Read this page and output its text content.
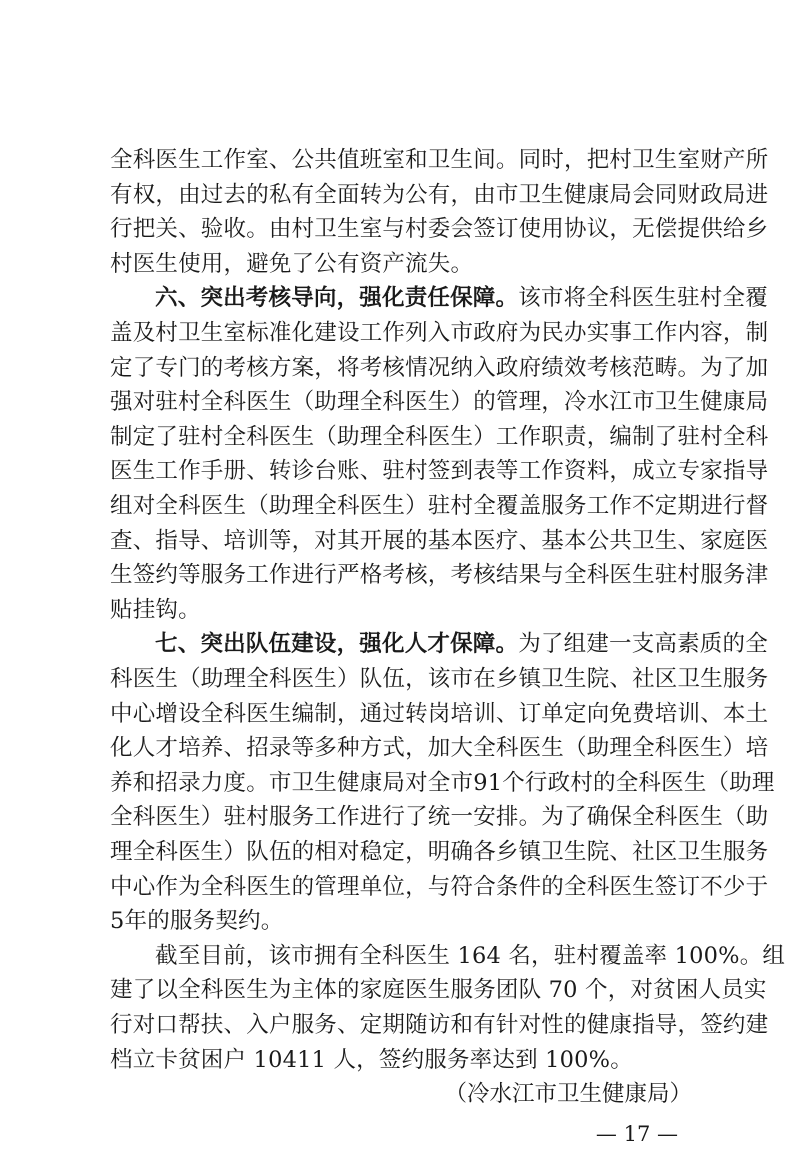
全科医生工作室、公共值班室和卫生间。同时，把村卫生室财产所
有权，由过去的私有全面转为公有，由市卫生健康局会同财政局进
行把关、验收。由村卫生室与村委会签订使用协议，无偿提供给乡
村医生使用，避免了公有资产流失。
六、突出考核导向，强化责任保障。该市将全科医生驻村全覆
盖及村卫生室标准化建设工作列入市政府为民办实事工作内容，制
定了专门的考核方案，将考核情况纳入政府绩效考核范畴。为了加
强对驻村全科医生（助理全科医生）的管理，冷水江市卫生健康局
制定了驻村全科医生（助理全科医生）工作职责，编制了驻村全科
医生工作手册、转诊台账、驻村签到表等工作资料，成立专家指导
组对全科医生（助理全科医生）驻村全覆盖服务工作不定期进行督
查、指导、培训等，对其开展的基本医疗、基本公共卫生、家庭医
生签约等服务工作进行严格考核，考核结果与全科医生驻村服务津
贴挂钩。
七、突出队伍建设，强化人才保障。为了组建一支高素质的全
科医生（助理全科医生）队伍，该市在乡镇卫生院、社区卫生服务
中心增设全科医生编制，通过转岗培训、订单定向免费培训、本土
化人才培养、招录等多种方式，加大全科医生（助理全科医生）培
养和招录力度。市卫生健康局对全市91个行政村的全科医生（助理
全科医生）驻村服务工作进行了统一安排。为了确保全科医生（助
理全科医生）队伍的相对稳定，明确各乡镇卫生院、社区卫生服务
中心作为全科医生的管理单位，与符合条件的全科医生签订不少于
5年的服务契约。
截至目前，该市拥有全科医生 164 名，驻村覆盖率 100%。组
建了以全科医生为主体的家庭医生服务团队 70 个，对贫困人员实
行对口帮扶、入户服务、定期随访和有针对性的健康指导，签约建
档立卡贫困户 10411 人，签约服务率达到 100%。
（冷水江市卫生健康局）
— 17 —
